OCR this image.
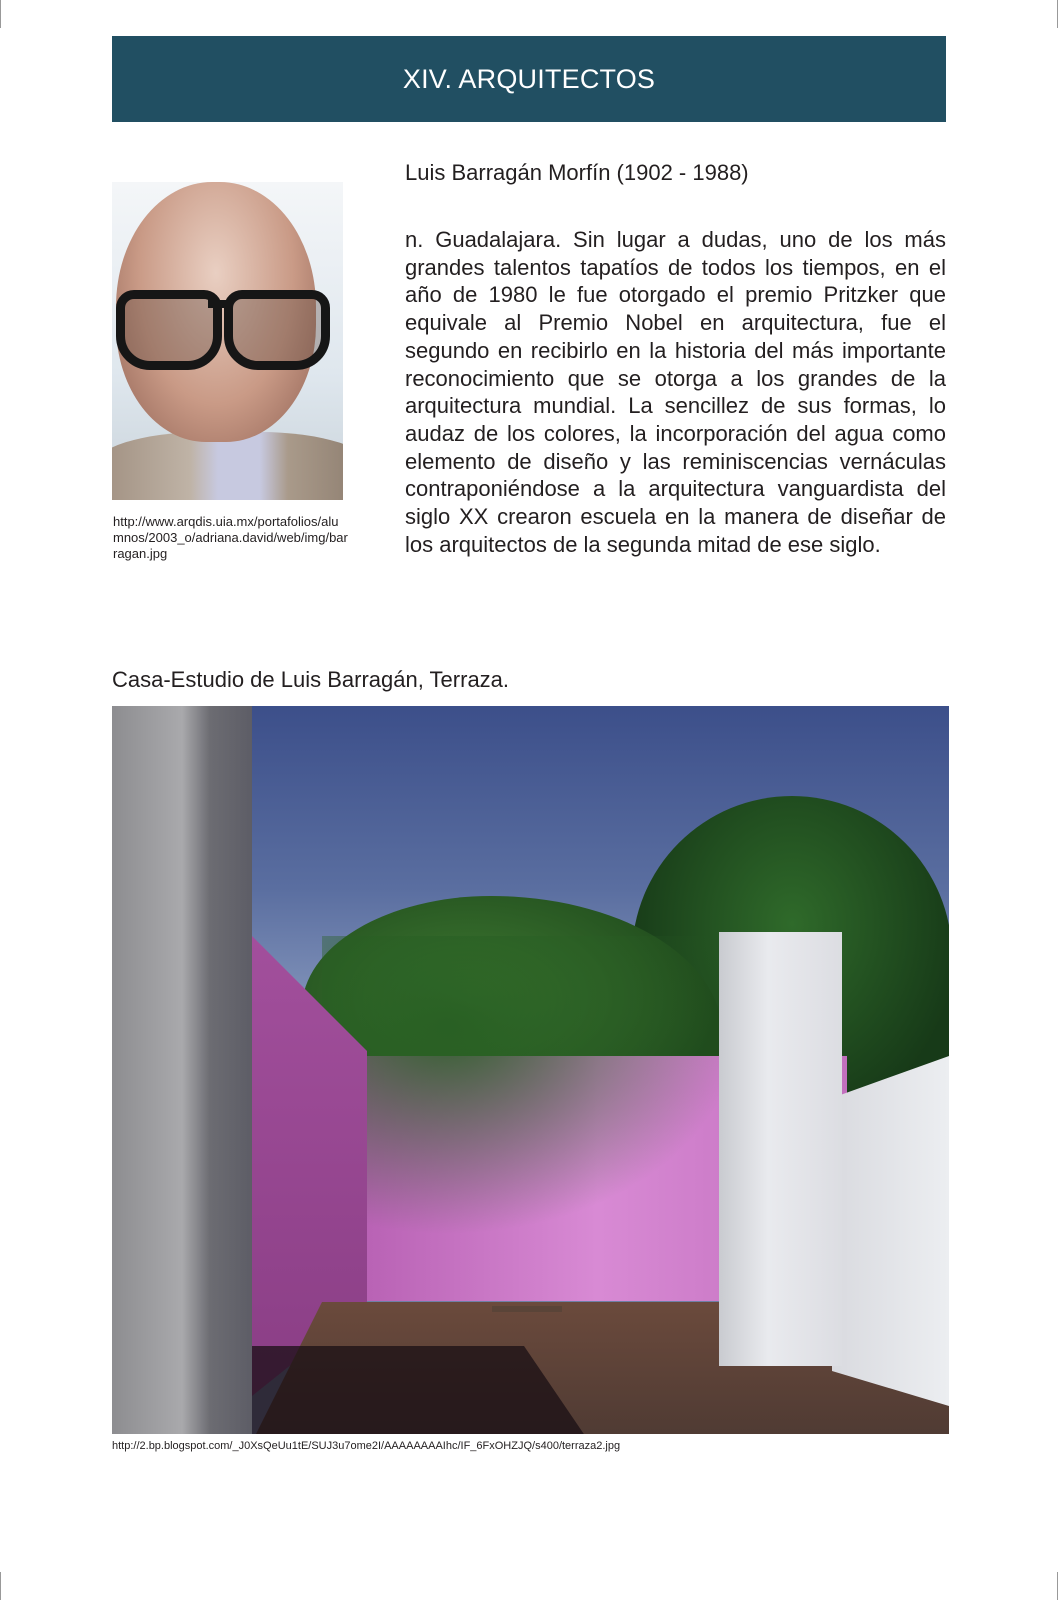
XIV. ARQUITECTOS
http://www.arqdis.uia.mx/portafolios/alumnos/2003_o/adriana.david/web/img/barragan.jpg
Luis Barragán Morfín (1902 - 1988)
n. Guadalajara. Sin lugar a dudas, uno de los más grandes talentos tapatíos de todos los tiempos, en el año de 1980 le fue otorgado el premio Pritzker que equivale al Premio Nobel en arquitectura, fue el segundo en recibirlo en la historia del más importante reconocimiento que se otorga a los grandes de la arquitectura mundial. La sencillez de sus formas, lo audaz de los colores, la incorporación del agua como elemento de diseño y las reminiscencias vernáculas contraponiéndose a la arquitectura vanguardista del siglo XX crearon escuela en la manera de diseñar de los arquitectos de la segunda mitad de ese siglo.
Casa-Estudio de Luis Barragán, Terraza.
http://2.bp.blogspot.com/_J0XsQeUu1tE/SUJ3u7ome2I/AAAAAAAAIhc/IF_6FxOHZJQ/s400/terraza2.jpg
